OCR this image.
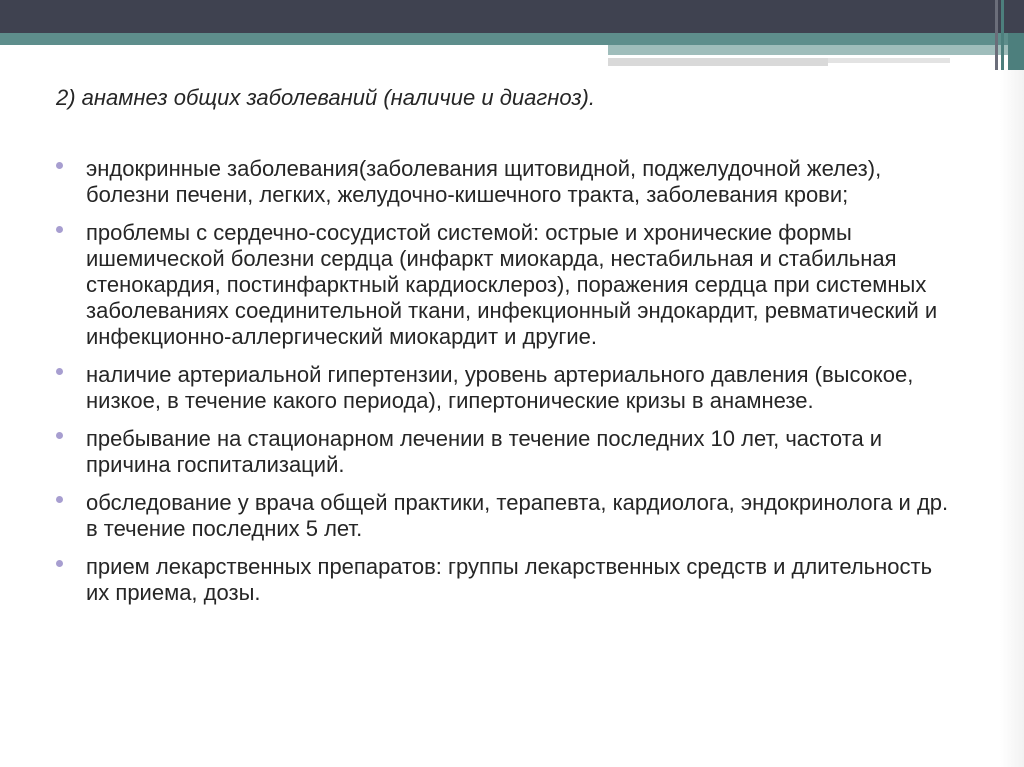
2) анамнез общих заболеваний (наличие и диагноз).
эндокринные заболевания(заболевания щитовидной, поджелудочной желез), болезни печени, легких, желудочно-кишечного тракта, заболевания крови;
проблемы с сердечно-сосудистой системой: острые и хронические формы ишемической болезни сердца (инфаркт миокарда, нестабильная и стабильная стенокардия, постинфарктный кардиосклероз), поражения сердца при системных заболеваниях соединительной ткани, инфекционный эндокардит, ревматический и инфекционно-аллергический миокардит и другие.
наличие артериальной гипертензии, уровень артериального давления (высокое, низкое, в течение какого периода), гипертонические кризы в анамнезе.
пребывание на стационарном лечении в течение последних 10 лет, частота и причина госпитализаций.
обследование у врача общей практики, терапевта, кардиолога, эндокринолога и др. в течение последних 5 лет.
прием лекарственных препаратов: группы лекарственных средств и длительность их приема, дозы.
